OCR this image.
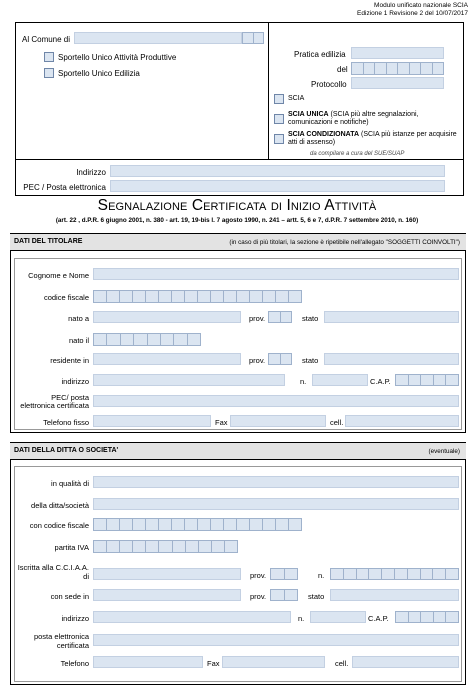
Modulo unificato nazionale SCIA
Edizione 1 Revisione 2 del 10/07/2017
Al Comune di
Sportello Unico Attività Produttive
Sportello Unico Edilizia
Pratica edilizia
del
Protocollo
SCIA
SCIA UNICA (SCIA più altre segnalazioni, comunicazioni e notifiche)
SCIA CONDIZIONATA (SCIA più istanze per acquisire atti di assenso)
da compilare a cura del SUE/SUAP
Indirizzo
PEC / Posta elettronica
Segnalazione Certificata di Inizio Attività
(art. 22 , d.P.R. 6 giugno 2001, n. 380 - art. 19, 19-bis l. 7 agosto 1990, n. 241 – artt. 5, 6 e 7, d.P.R. 7 settembre 2010, n. 160)
DATI DEL TITOLARE	(in caso di più titolari, la sezione è ripetibile nell'allegato "SOGGETTI COINVOLTI")
Cognome e Nome
codice fiscale
nato a	prov.	stato
nato il
residente in	prov.	stato
indirizzo	n.	C.A.P.
PEC/ posta
elettronica certificata
Telefono fisso	Fax	cell.
DATI DELLA DITTA O SOCIETA'	(eventuale)
in qualità di
della ditta/società
con codice fiscale
partita IVA
Iscritta alla C.C.I.A.A.
di	prov.	n.
con sede in	prov.	stato
indirizzo	n.	C.A.P.
posta elettronica
certificata
Telefono	Fax	cell.
